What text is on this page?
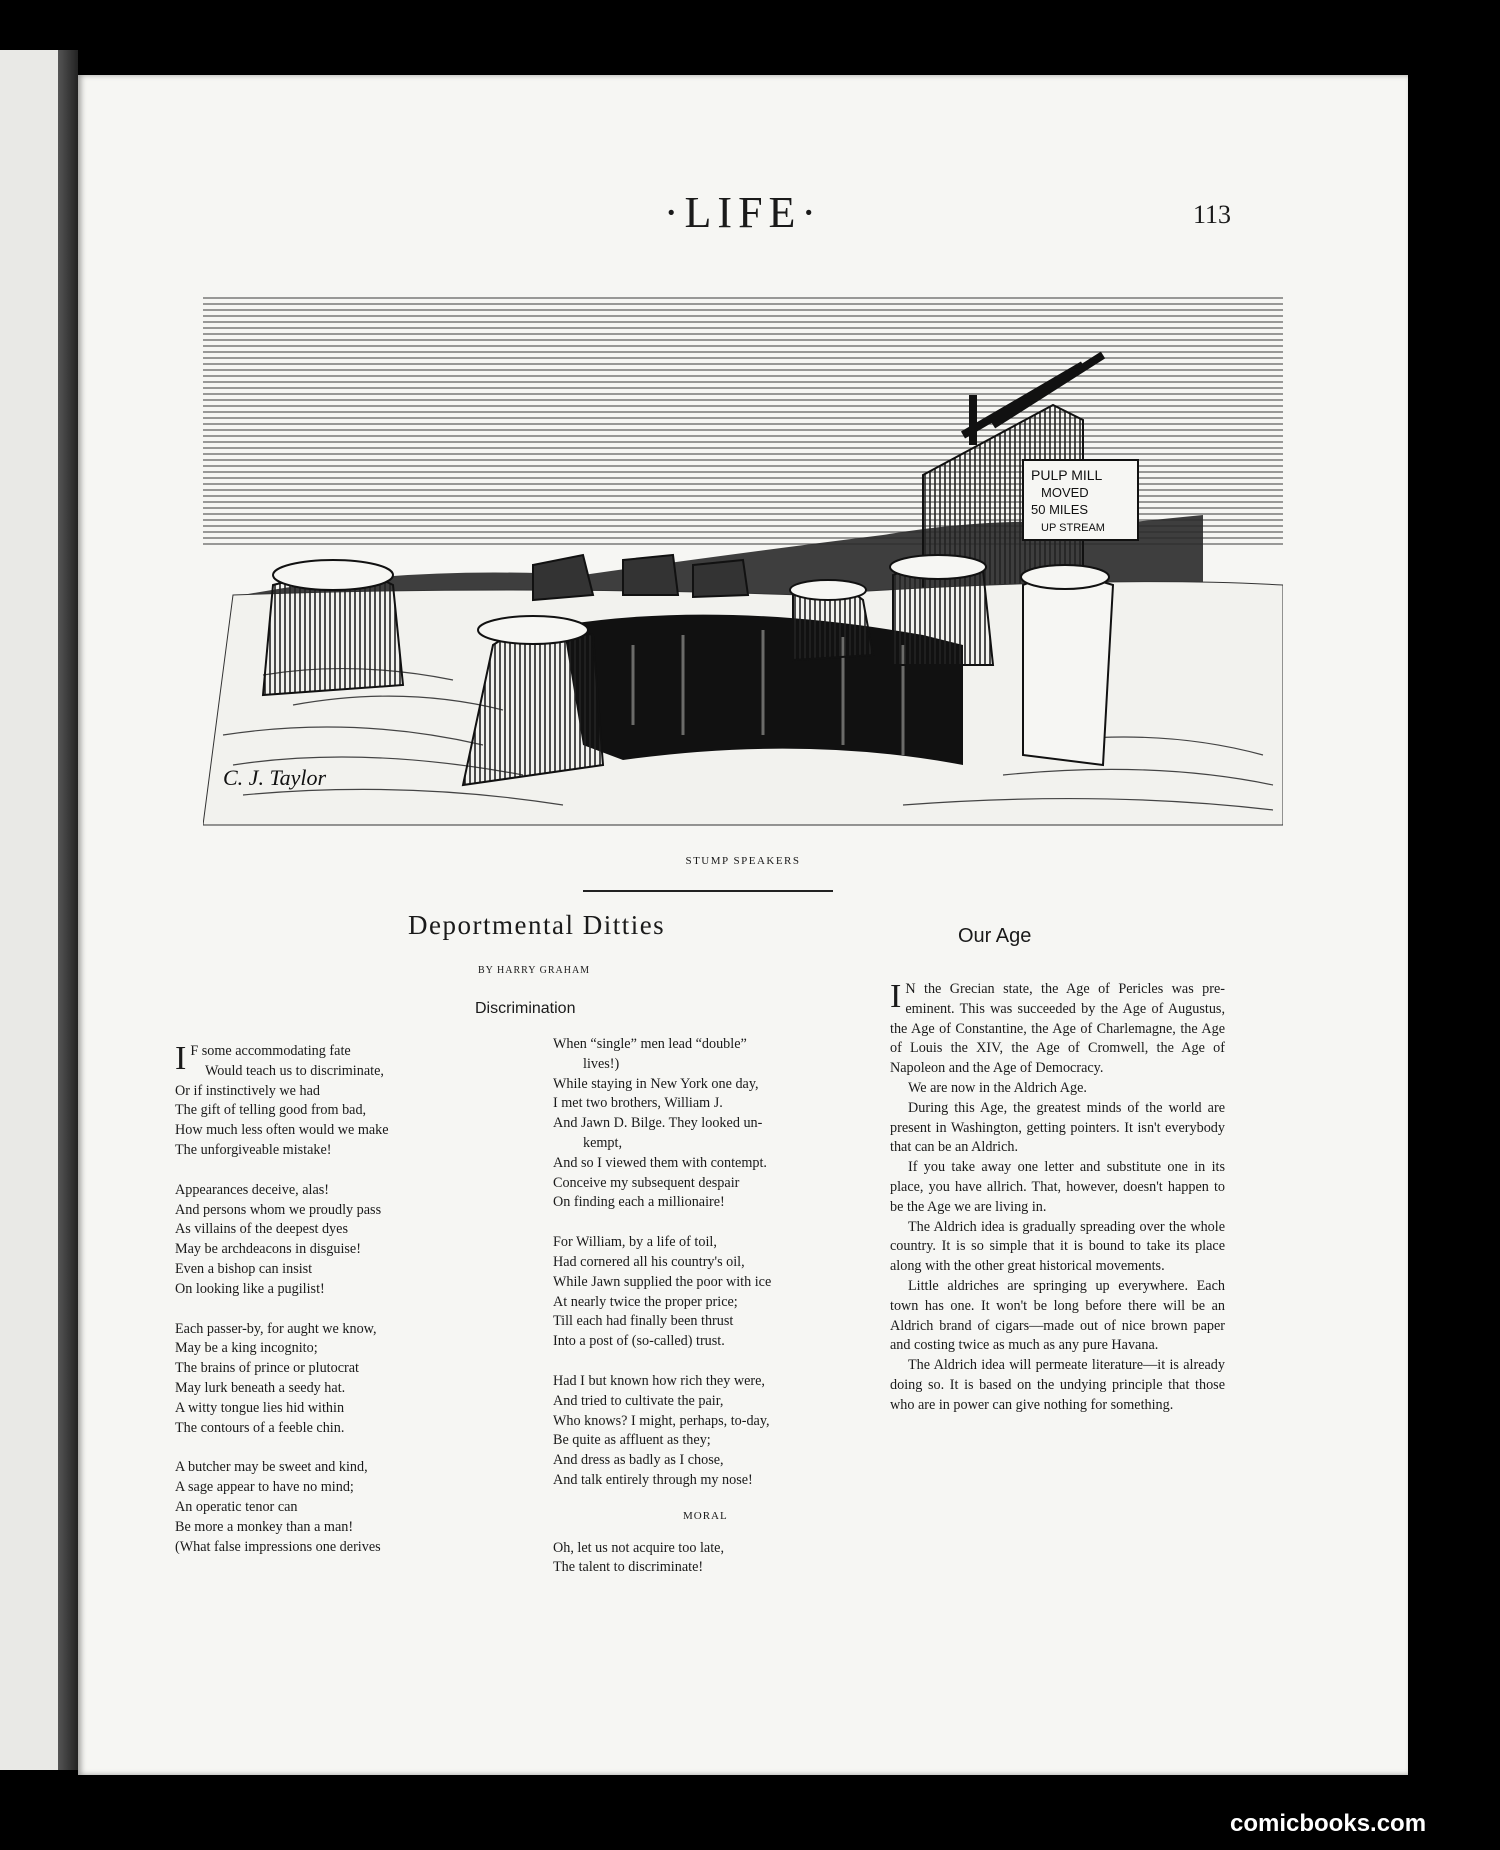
·LIFE·	113
PULP MILL
MOVED
50 MILES
UP STREAM
C. J. Taylor
STUMP SPEAKERS
Deportmental Ditties
BY HARRY GRAHAM
Discrimination
I F some accommodating fate
Would teach us to discriminate,
Or if instinctively we had
The gift of telling good from bad,
How much less often would we make
The unforgiveable mistake!
Appearances deceive, alas!
And persons whom we proudly pass
As villains of the deepest dyes
May be archdeacons in disguise!
Even a bishop can insist
On looking like a pugilist!
Each passer-by, for aught we know,
May be a king incognito;
The brains of prince or plutocrat
May lurk beneath a seedy hat.
A witty tongue lies hid within
The contours of a feeble chin.
A butcher may be sweet and kind,
A sage appear to have no mind;
An operatic tenor can
Be more a monkey than a man!
(What false impressions one derives
When “single” men lead “double”
lives!)
While staying in New York one day,
I met two brothers, William J.
And Jawn D. Bilge. They looked un-
kempt,
And so I viewed them with contempt.
Conceive my subsequent despair
On finding each a millionaire!
For William, by a life of toil,
Had cornered all his country's oil,
While Jawn supplied the poor with ice
At nearly twice the proper price;
Till each had finally been thrust
Into a post of (so-called) trust.
Had I but known how rich they were,
And tried to cultivate the pair,
Who knows? I might, perhaps, to-day,
Be quite as affluent as they;
And dress as badly as I chose,
And talk entirely through my nose!
MORAL
Oh, let us not acquire too late,
The talent to discriminate!
Our Age

I N the Grecian state, the Age of Pericles was pre-eminent. This was succeeded by the Age of Augustus, the Age of Constantine, the Age of Charlemagne, the Age of Louis the XIV, the Age of Cromwell, the Age of Napoleon and the Age of Democracy.

We are now in the Aldrich Age.

During this Age, the greatest minds of the world are present in Washington, getting pointers. It isn't everybody that can be an Aldrich.

If you take away one letter and substitute one in its place, you have allrich. That, however, doesn't happen to be the Age we are living in.

The Aldrich idea is gradually spreading over the whole country. It is so simple that it is bound to take its place along with the other great historical movements.

Little aldriches are springing up everywhere. Each town has one. It won't be long before there will be an Aldrich brand of cigars—made out of nice brown paper and costing twice as much as any pure Havana.

The Aldrich idea will permeate literature—it is already doing so. It is based on the undying principle that those who are in power can give nothing for something.

comicbooks.com
